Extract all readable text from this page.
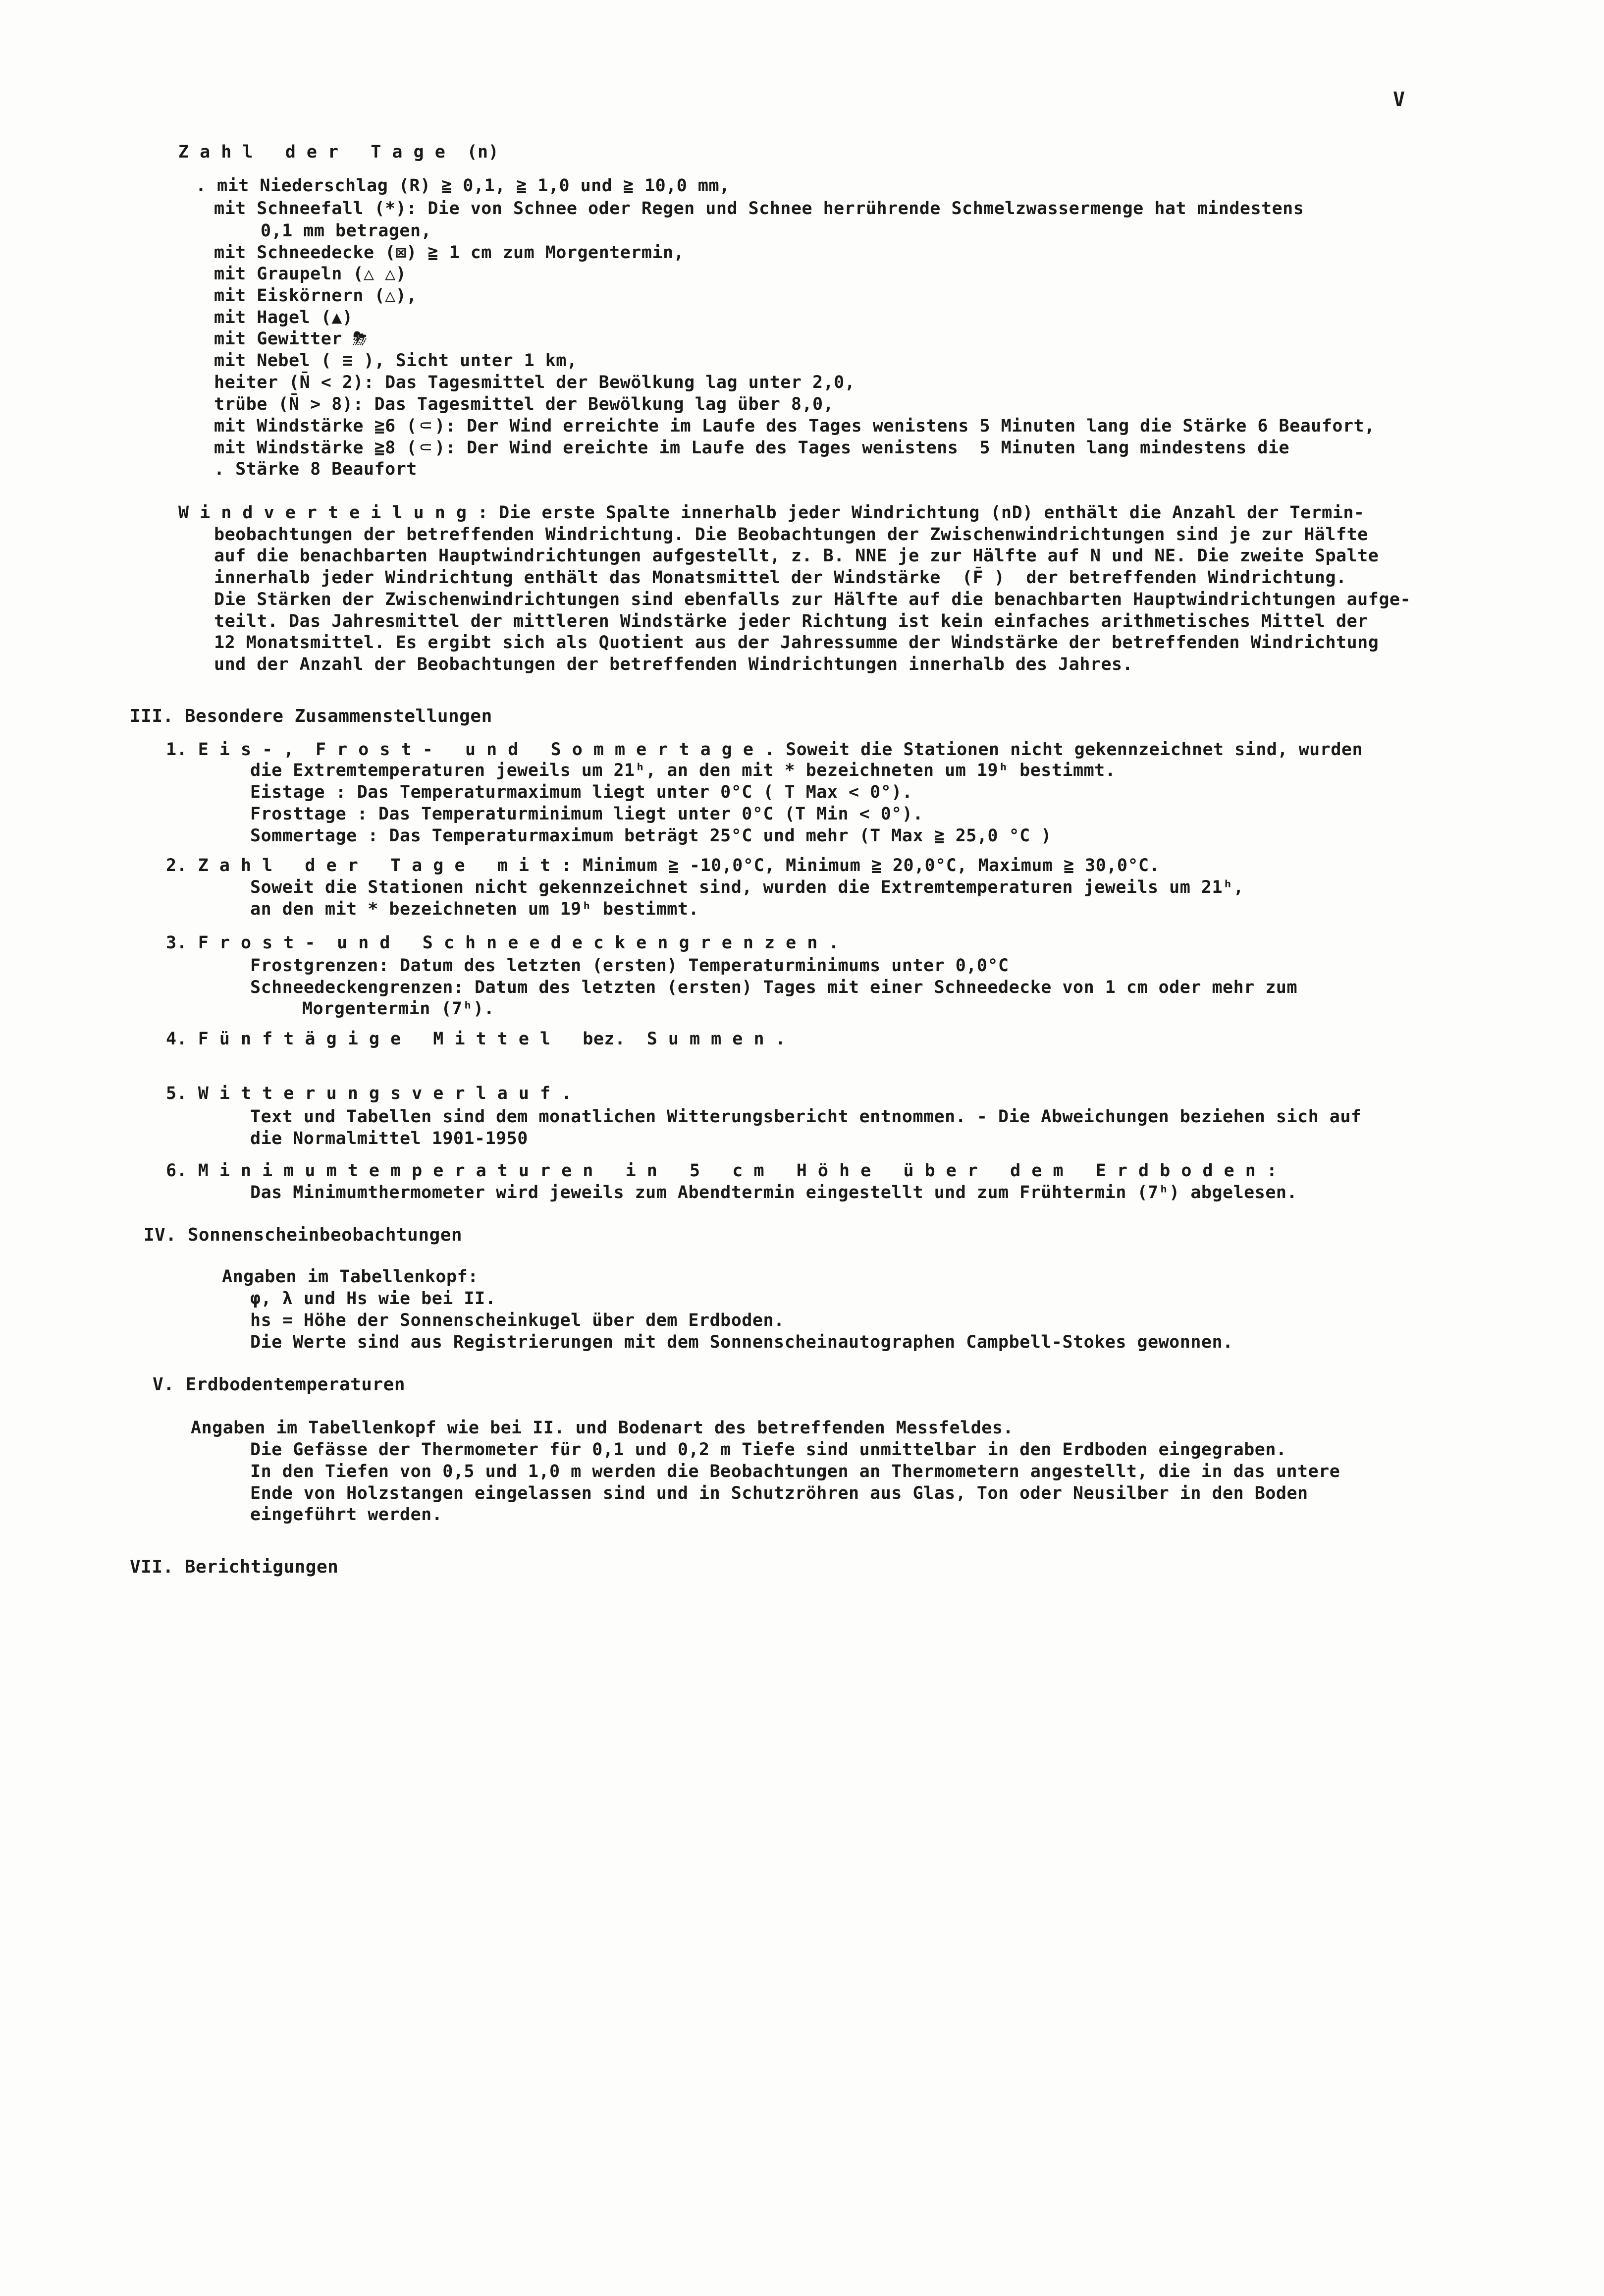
V
Z a h l   d e r   T a g e  (n)
. mit Niederschlag (R) ≧ 0,1, ≧ 1,0 und ≧ 10,0 mm,
mit Schneefall (*): Die von Schnee oder Regen und Schnee herrührende Schmelzwassermenge hat mindestens
0,1 mm betragen,
mit Schneedecke (⊠) ≧ 1 cm zum Morgentermin,
mit Graupeln (△ △)
mit Eiskörnern (△),
mit Hagel (▲)
mit Gewitter ⛈
mit Nebel ( ≡ ), Sicht unter 1 km,
heiter (N̄ < 2): Das Tagesmittel der Bewölkung lag unter 2,0,
trübe (N̄ > 8): Das Tagesmittel der Bewölkung lag über 8,0,
mit Windstärke ≧6 (⸦): Der Wind erreichte im Laufe des Tages wenistens 5 Minuten lang die Stärke 6 Beaufort,
mit Windstärke ≧8 (⸦): Der Wind ereichte im Laufe des Tages wenistens  5 Minuten lang mindestens die
. Stärke 8 Beaufort
W i n d v e r t e i l u n g : Die erste Spalte innerhalb jeder Windrichtung (nD) enthält die Anzahl der Termin-
beobachtungen der betreffenden Windrichtung. Die Beobachtungen der Zwischenwindrichtungen sind je zur Hälfte
auf die benachbarten Hauptwindrichtungen aufgestellt, z. B. NNE je zur Hälfte auf N und NE. Die zweite Spalte
innerhalb jeder Windrichtung enthält das Monatsmittel der Windstärke  (F̄ )  der betreffenden Windrichtung.
Die Stärken der Zwischenwindrichtungen sind ebenfalls zur Hälfte auf die benachbarten Hauptwindrichtungen aufge-
teilt. Das Jahresmittel der mittleren Windstärke jeder Richtung ist kein einfaches arithmetisches Mittel der
12 Monatsmittel. Es ergibt sich als Quotient aus der Jahressumme der Windstärke der betreffenden Windrichtung
und der Anzahl der Beobachtungen der betreffenden Windrichtungen innerhalb des Jahres.
III. Besondere Zusammenstellungen
1. E i s - ,  F r o s t -   u n d   S o m m e r t a g e . Soweit die Stationen nicht gekennzeichnet sind, wurden
die Extremtemperaturen jeweils um 21ʰ, an den mit * bezeichneten um 19ʰ bestimmt.
Eistage : Das Temperaturmaximum liegt unter 0°C ( T Max < 0°).
Frosttage : Das Temperaturminimum liegt unter 0°C (T Min < 0°).
Sommertage : Das Temperaturmaximum beträgt 25°C und mehr (T Max ≧ 25,0 °C )
2. Z a h l   d e r   T a g e   m i t : Minimum ≧ -10,0°C, Minimum ≧ 20,0°C, Maximum ≧ 30,0°C.
Soweit die Stationen nicht gekennzeichnet sind, wurden die Extremtemperaturen jeweils um 21ʰ,
an den mit * bezeichneten um 19ʰ bestimmt.
3. F r o s t -  u n d   S c h n e e d e c k e n g r e n z e n .
Frostgrenzen: Datum des letzten (ersten) Temperaturminimums unter 0,0°C
Schneedeckengrenzen: Datum des letzten (ersten) Tages mit einer Schneedecke von 1 cm oder mehr zum
Morgentermin (7ʰ).
4. F ü n f t ä g i g e   M i t t e l   bez.  S u m m e n .
5. W i t t e r u n g s v e r l a u f .
Text und Tabellen sind dem monatlichen Witterungsbericht entnommen. - Die Abweichungen beziehen sich auf
die Normalmittel 1901-1950
6. M i n i m u m t e m p e r a t u r e n   i n   5   c m   H ö h e   ü b e r   d e m   E r d b o d e n :
Das Minimumthermometer wird jeweils zum Abendtermin eingestellt und zum Frühtermin (7ʰ) abgelesen.
IV. Sonnenscheinbeobachtungen
Angaben im Tabellenkopf:
φ, λ und Hs wie bei II.
hs = Höhe der Sonnenscheinkugel über dem Erdboden.
Die Werte sind aus Registrierungen mit dem Sonnenscheinautographen Campbell-Stokes gewonnen.
V. Erdbodentemperaturen
Angaben im Tabellenkopf wie bei II. und Bodenart des betreffenden Messfeldes.
Die Gefässe der Thermometer für 0,1 und 0,2 m Tiefe sind unmittelbar in den Erdboden eingegraben.
In den Tiefen von 0,5 und 1,0 m werden die Beobachtungen an Thermometern angestellt, die in das untere
Ende von Holzstangen eingelassen sind und in Schutzröhren aus Glas, Ton oder Neusilber in den Boden
eingeführt werden.
VII. Berichtigungen
